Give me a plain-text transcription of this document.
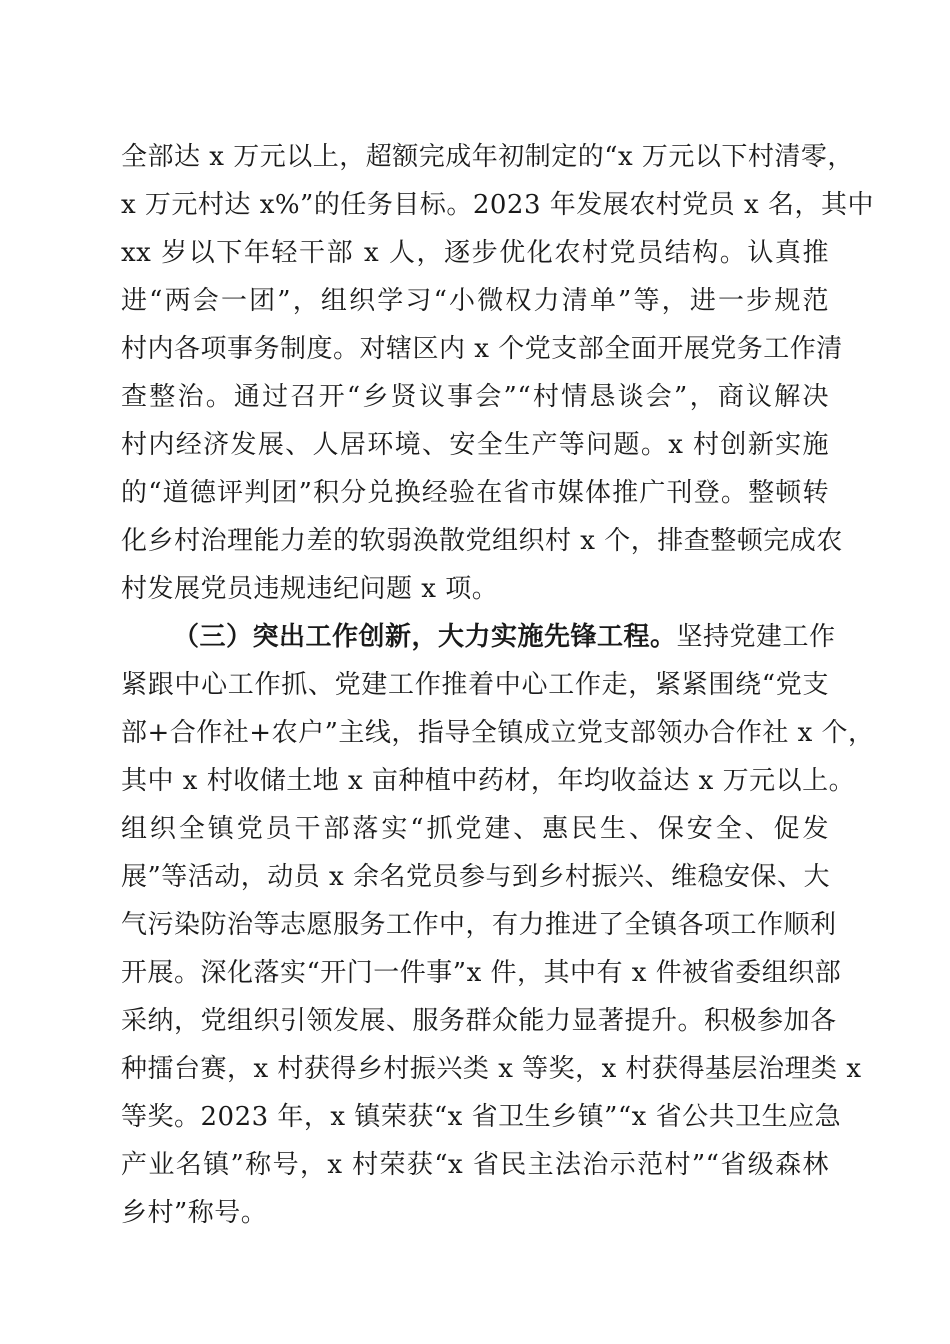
全部达 x 万元以上，超额完成年初制定的“x 万元以下村清零，
x 万元村达 x%”的任务目标。2023 年发展农村党员 x 名，其中
xx 岁以下年轻干部 x 人，逐步优化农村党员结构。认真推
进“两会一团”，组织学习“小微权力清单”等，进一步规范
村内各项事务制度。对辖区内 x 个党支部全面开展党务工作清
查整治。通过召开“乡贤议事会”“村情恳谈会”，商议解决
村内经济发展、人居环境、安全生产等问题。x 村创新实施
的“道德评判团”积分兑换经验在省市媒体推广刊登。整顿转
化乡村治理能力差的软弱涣散党组织村 x 个，排查整顿完成农
村发展党员违规违纪问题 x 项。
（三）突出工作创新，大力实施先锋工程。坚持党建工作
紧跟中心工作抓、党建工作推着中心工作走，紧紧围绕“党支
部+合作社+农户”主线，指导全镇成立党支部领办合作社 x 个，
其中 x 村收储土地 x 亩种植中药材，年均收益达 x 万元以上。
组织全镇党员干部落实“抓党建、惠民生、保安全、促发
展”等活动，动员 x 余名党员参与到乡村振兴、维稳安保、大
气污染防治等志愿服务工作中，有力推进了全镇各项工作顺利
开展。深化落实“开门一件事”x 件，其中有 x 件被省委组织部
采纳，党组织引领发展、服务群众能力显著提升。积极参加各
种擂台赛，x 村获得乡村振兴类 x 等奖，x 村获得基层治理类 x
等奖。2023 年，x 镇荣获“x 省卫生乡镇”“x 省公共卫生应急
产业名镇”称号，x 村荣获“x 省民主法治示范村”“省级森林
乡村”称号。
